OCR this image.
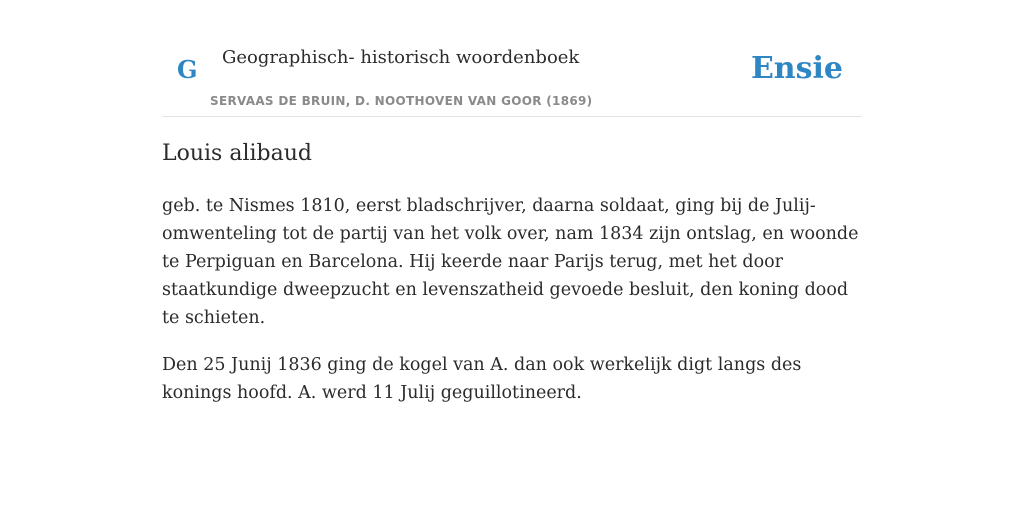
G Geographisch- historisch woordenboek
SERVAAS DE BRUIN, D. NOOTHOVEN VAN GOOR (1869)
Ensie
Louis alibaud

geb. te Nismes 1810, eerst bladschrijver, daarna soldaat, ging bij de Julij-omwenteling tot de partij van het volk over, nam 1834 zijn ontslag, en woonde te Perpiguan en Barcelona. Hij keerde naar Parijs terug, met het door staatkundige dweepzucht en levenszatheid gevoede besluit, den koning dood te schieten.

Den 25 Junij 1836 ging de kogel van A. dan ook werkelijk digt langs des konings hoofd. A. werd 11 Julij geguillotineerd.
